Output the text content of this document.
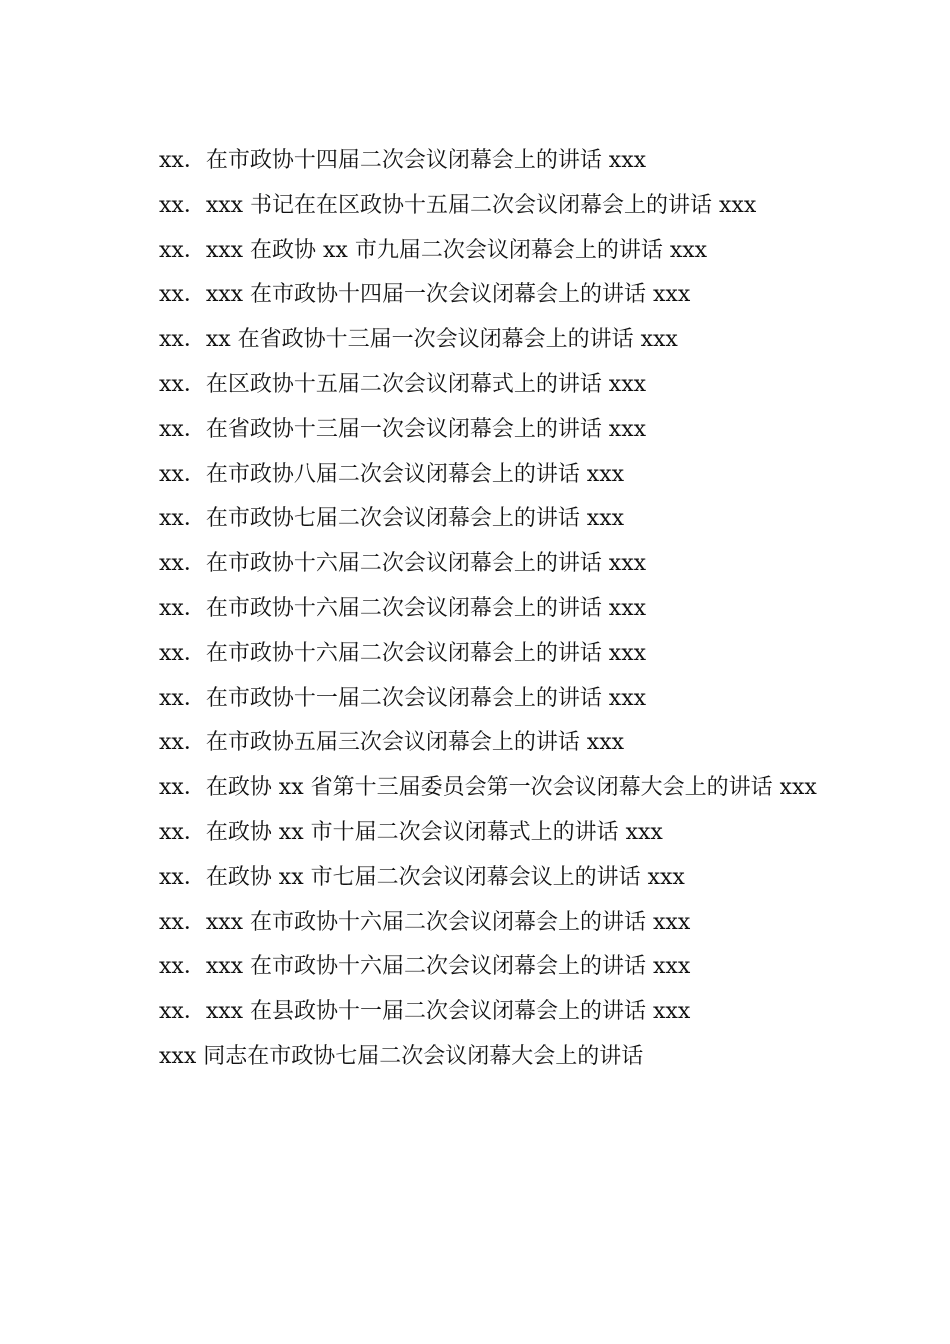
xx．在市政协十四届二次会议闭幕会上的讲话 xxx

xx．xxx 书记在在区政协十五届二次会议闭幕会上的讲话 xxx

xx．xxx 在政协 xx 市九届二次会议闭幕会上的讲话 xxx

xx．xxx 在市政协十四届一次会议闭幕会上的讲话 xxx

xx．xx 在省政协十三届一次会议闭幕会上的讲话 xxx

xx．在区政协十五届二次会议闭幕式上的讲话 xxx

xx．在省政协十三届一次会议闭幕会上的讲话 xxx

xx．在市政协八届二次会议闭幕会上的讲话 xxx

xx．在市政协七届二次会议闭幕会上的讲话 xxx

xx．在市政协十六届二次会议闭幕会上的讲话 xxx

xx．在市政协十六届二次会议闭幕会上的讲话 xxx

xx．在市政协十六届二次会议闭幕会上的讲话 xxx

xx．在市政协十一届二次会议闭幕会上的讲话 xxx

xx．在市政协五届三次会议闭幕会上的讲话 xxx

xx．在政协 xx 省第十三届委员会第一次会议闭幕大会上的讲话 xxx

xx．在政协 xx 市十届二次会议闭幕式上的讲话 xxx

xx．在政协 xx 市七届二次会议闭幕会议上的讲话 xxx

xx．xxx 在市政协十六届二次会议闭幕会上的讲话 xxx

xx．xxx 在市政协十六届二次会议闭幕会上的讲话 xxx

xx．xxx 在县政协十一届二次会议闭幕会上的讲话 xxx

xxx 同志在市政协七届二次会议闭幕大会上的讲话
